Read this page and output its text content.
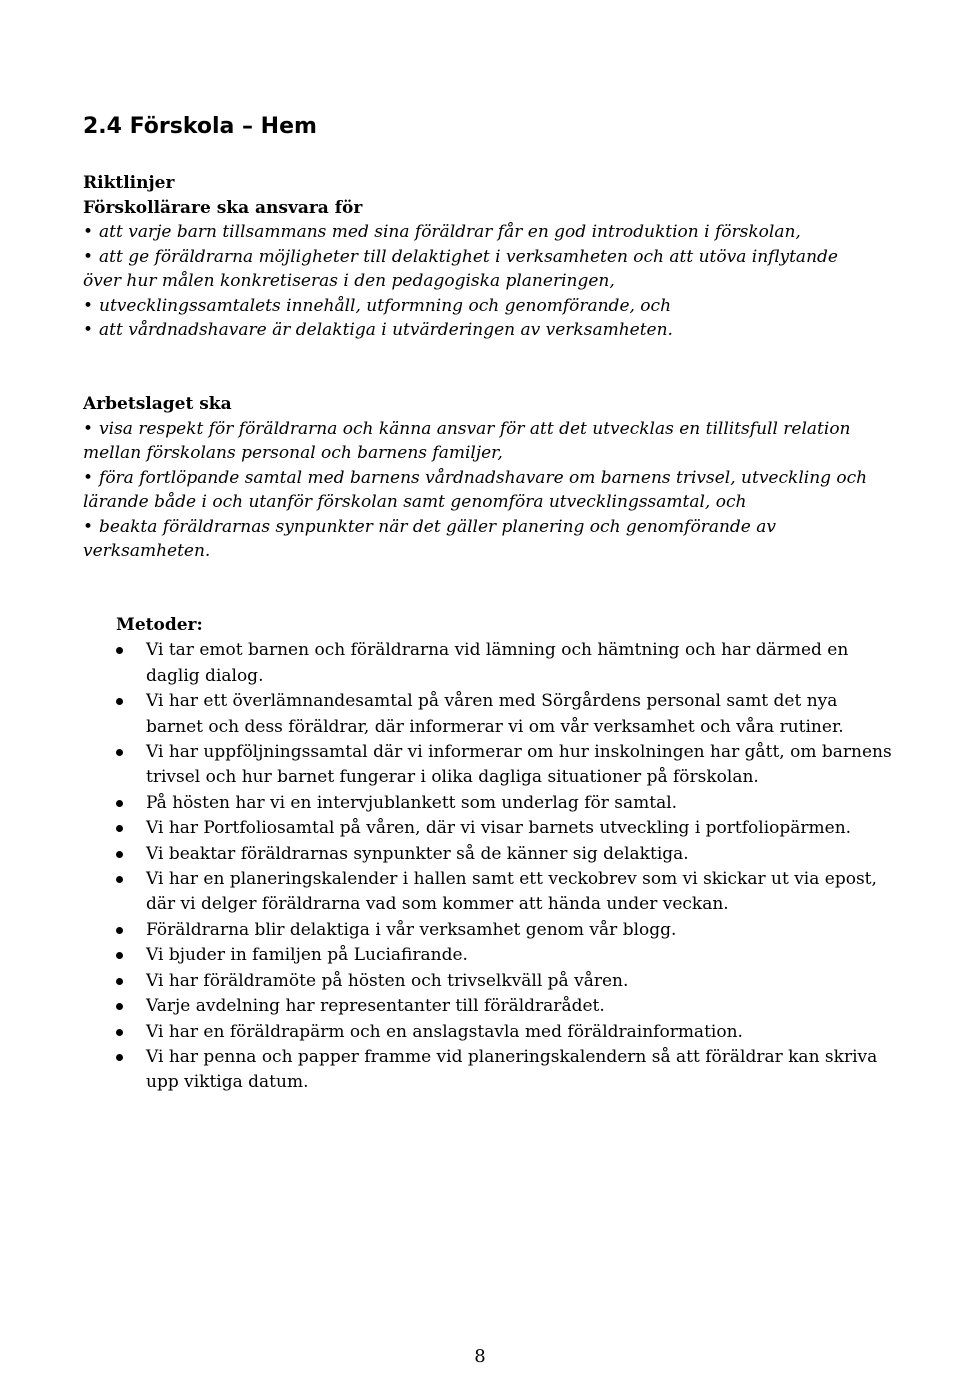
2.4 Förskola – Hem

Riktlinjer

Förskollärare ska ansvara för

• att varje barn tillsammans med sina föräldrar får en god introduktion i förskolan,
• att ge föräldrarna möjligheter till delaktighet i verksamheten och att utöva inflytande över hur målen konkretiseras i den pedagogiska planeringen,
• utvecklingssamtalets innehåll, utformning och genomförande, och
• att vårdnadshavare är delaktiga i utvärderingen av verksamheten.

Arbetslaget ska

• visa respekt för föräldrarna och känna ansvar för att det utvecklas en tillitsfull relation mellan förskolans personal och barnens familjer,
• föra fortlöpande samtal med barnens vårdnadshavare om barnens trivsel, utveckling och lärande både i och utanför förskolan samt genomföra utvecklingssamtal, och
• beakta föräldrarnas synpunkter när det gäller planering och genomförande av verksamheten.

Metoder:

Vi tar emot barnen och föräldrarna vid lämning och hämtning och har därmed en daglig dialog.
Vi har ett överlämnandesamtal på våren med Sörgårdens personal samt det nya barnet och dess föräldrar, där informerar vi om vår verksamhet och våra rutiner.
Vi har uppföljningssamtal där vi informerar om hur inskolningen har gått, om barnens trivsel och hur barnet fungerar i olika dagliga situationer på förskolan.
På hösten har vi en intervjublankett som underlag för samtal.
Vi har Portfoliosamtal på våren, där vi visar barnets utveckling i portfoliopärmen.
Vi beaktar föräldrarnas synpunkter så de känner sig delaktiga.
Vi har en planeringskalender i hallen samt ett veckobrev som vi skickar ut via epost, där vi delger föräldrarna vad som kommer att hända under veckan.
Föräldrarna blir delaktiga i vår verksamhet genom vår blogg.
Vi bjuder in familjen på Luciafirande.
Vi har föräldramöte på hösten och trivselkväll på våren.
Varje avdelning har representanter till föräldrarådet.
Vi har en föräldrapärm och en anslagstavla med föräldrainformation.
Vi har penna och papper framme vid planeringskalendern så att föräldrar kan skriva upp viktiga datum.
8
